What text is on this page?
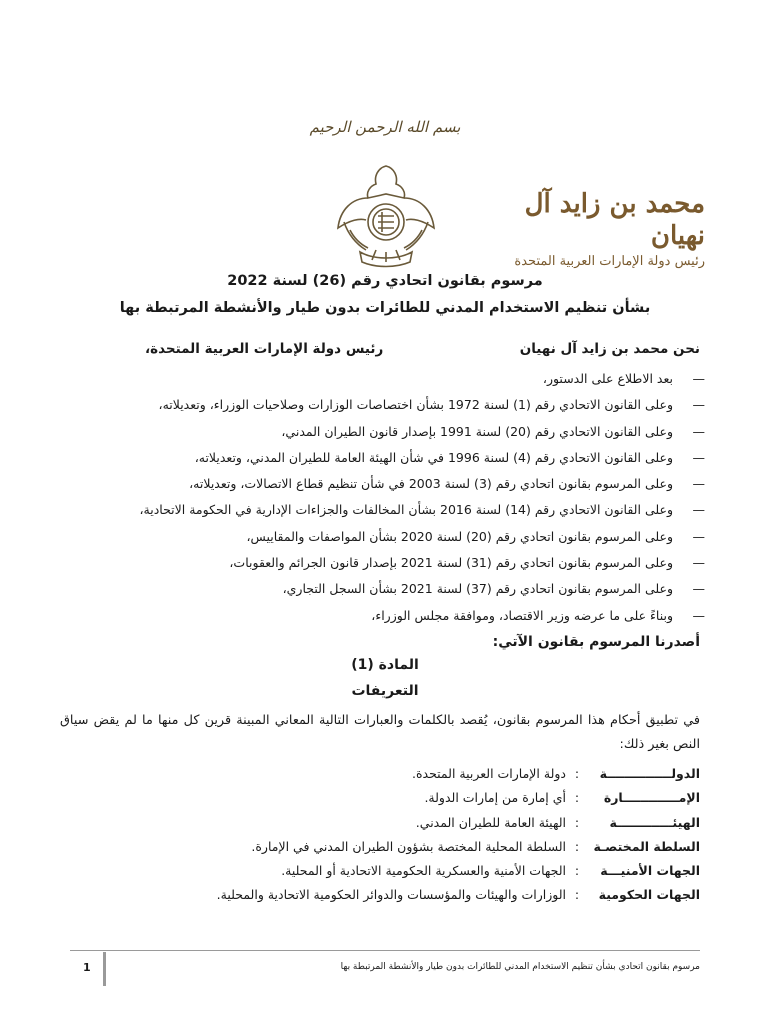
بسم الله الرحمن الرحيم
محمد بن زايد آل نهيان
رئيس دولة الإمارات العربية المتحدة
مرسوم بقانون اتحادي رقم (26) لسنة 2022
بشأن تنظيم الاستخدام المدني للطائرات بدون طيار والأنشطة المرتبطة بها
نحن محمد بن زايد آل نهيان
رئيس دولة الإمارات العربية المتحدة،
—
بعد الاطلاع على الدستور،
—
وعلى القانون الاتحادي رقم (1) لسنة 1972 بشأن اختصاصات الوزارات وصلاحيات الوزراء، وتعديلاته،
—
وعلى القانون الاتحادي رقم (20) لسنة 1991 بإصدار قانون الطيران المدني،
—
وعلى القانون الاتحادي رقم (4) لسنة 1996 في شأن الهيئة العامة للطيران المدني، وتعديلاته،
—
وعلى المرسوم بقانون اتحادي رقم (3) لسنة 2003 في شأن تنظيم قطاع الاتصالات، وتعديلاته،
—
وعلى القانون الاتحادي رقم (14) لسنة 2016 بشأن المخالفات والجزاءات الإدارية في الحكومة الاتحادية،
—
وعلى المرسوم بقانون اتحادي رقم (20) لسنة 2020 بشأن المواصفات والمقاييس،
—
وعلى المرسوم بقانون اتحادي رقم (31) لسنة 2021 بإصدار قانون الجرائم والعقوبات،
—
وعلى المرسوم بقانون اتحادي رقم (37) لسنة 2021 بشأن السجل التجاري،
—
وبناءً على ما عرضه وزير الاقتصاد، وموافقة مجلس الوزراء،
أصدرنا المرسوم بقانون الآتي:
المادة (1)
التعريفات
في تطبيق أحكام هذا المرسوم بقانون، يُقصد بالكلمات والعبارات التالية المعاني المبينة قرين كل منها ما لم يقض سياق النص بغير ذلك:
الدولـــــــــــــــة
:
دولة الإمارات العربية المتحدة.
الإمـــــــــــــارة
:
أي إمارة من إمارات الدولة.
الهيئـــــــــــــة
:
الهيئة العامة للطيران المدني.
السلطة المختصـة
:
السلطة المحلية المختصة بشؤون الطيران المدني في الإمارة.
الجهات الأمنيـــة
:
الجهات الأمنية والعسكرية الحكومية الاتحادية أو المحلية.
الجهات الحكومية
:
الوزارات والهيئات والمؤسسات والدوائر الحكومية الاتحادية والمحلية.
1	مرسوم بقانون اتحادي بشأن تنظيم الاستخدام المدني للطائرات بدون طيار والأنشطة المرتبطة بها
